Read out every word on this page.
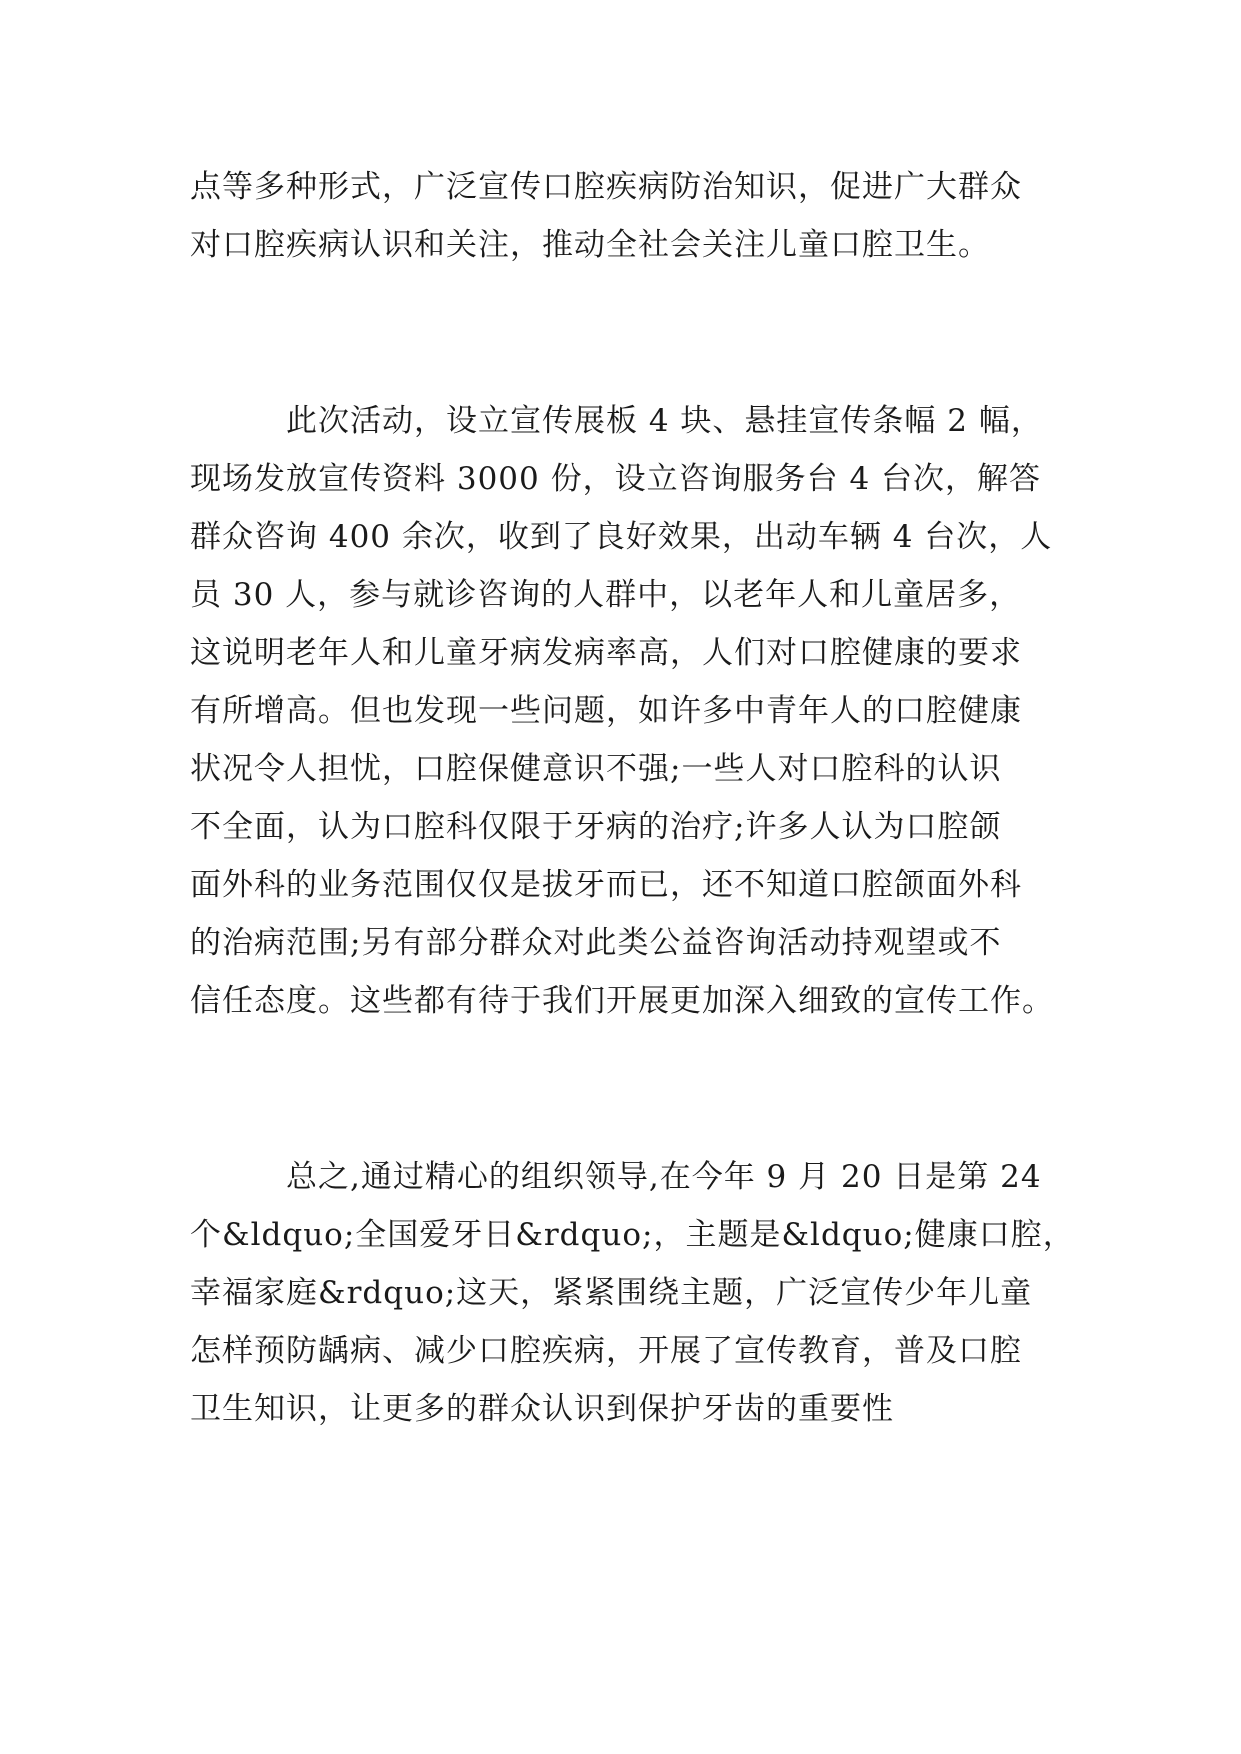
点等多种形式，广泛宣传口腔疾病防治知识，促进广大群众
对口腔疾病认识和关注，推动全社会关注儿童口腔卫生。
　　　此次活动，设立宣传展板 4 块、悬挂宣传条幅 2 幅，
现场发放宣传资料 3000 份，设立咨询服务台 4 台次，解答
群众咨询 400 余次，收到了良好效果，出动车辆 4 台次，人
员 30 人，参与就诊咨询的人群中，以老年人和儿童居多，
这说明老年人和儿童牙病发病率高，人们对口腔健康的要求
有所增高。但也发现一些问题，如许多中青年人的口腔健康
状况令人担忧，口腔保健意识不强;一些人对口腔科的认识
不全面，认为口腔科仅限于牙病的治疗;许多人认为口腔颌
面外科的业务范围仅仅是拔牙而已，还不知道口腔颌面外科
的治病范围;另有部分群众对此类公益咨询活动持观望或不
信任态度。这些都有待于我们开展更加深入细致的宣传工作。
　　　总之,通过精心的组织领导,在今年 9 月 20 日是第 24
个&ldquo;全国爱牙日&rdquo;，主题是&ldquo;健康口腔，
幸福家庭&rdquo;这天，紧紧围绕主题，广泛宣传少年儿童
怎样预防龋病、减少口腔疾病，开展了宣传教育，普及口腔
卫生知识，让更多的群众认识到保护牙齿的重要性
